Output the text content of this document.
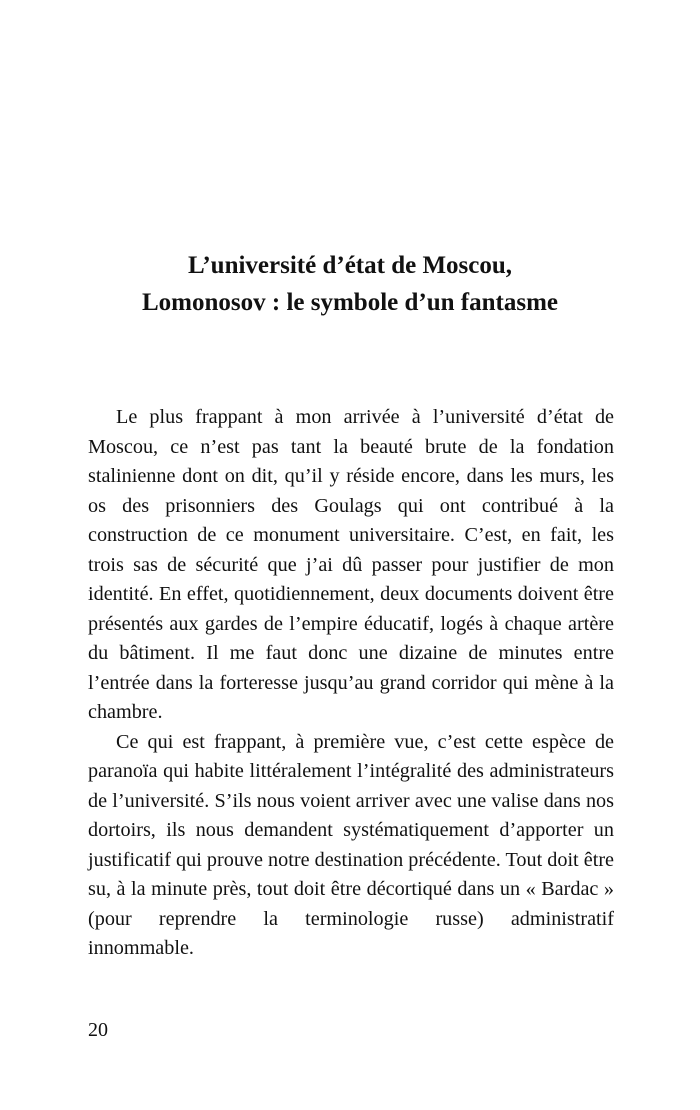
L’université d’état de Moscou,
Lomonosov : le symbole d’un fantasme

Le plus frappant à mon arrivée à l’université d’état de Moscou, ce n’est pas tant la beauté brute de la fondation stalinienne dont on dit, qu’il y réside encore, dans les murs, les os des prisonniers des Goulags qui ont contribué à la construction de ce monument universitaire. C’est, en fait, les trois sas de sécurité que j’ai dû passer pour justifier de mon identité. En effet, quotidiennement, deux documents doivent être présentés aux gardes de l’empire éducatif, logés à chaque artère du bâtiment. Il me faut donc une dizaine de minutes entre l’entrée dans la forteresse jusqu’au grand corridor qui mène à la chambre.

Ce qui est frappant, à première vue, c’est cette espèce de paranoïa qui habite littéralement l’intégralité des administrateurs de l’université. S’ils nous voient arriver avec une valise dans nos dortoirs, ils nous demandent systématiquement d’apporter un justificatif qui prouve notre destination précédente. Tout doit être su, à la minute près, tout doit être décortiqué dans un « Bardac » (pour reprendre la terminologie russe) administratif innommable.

20
